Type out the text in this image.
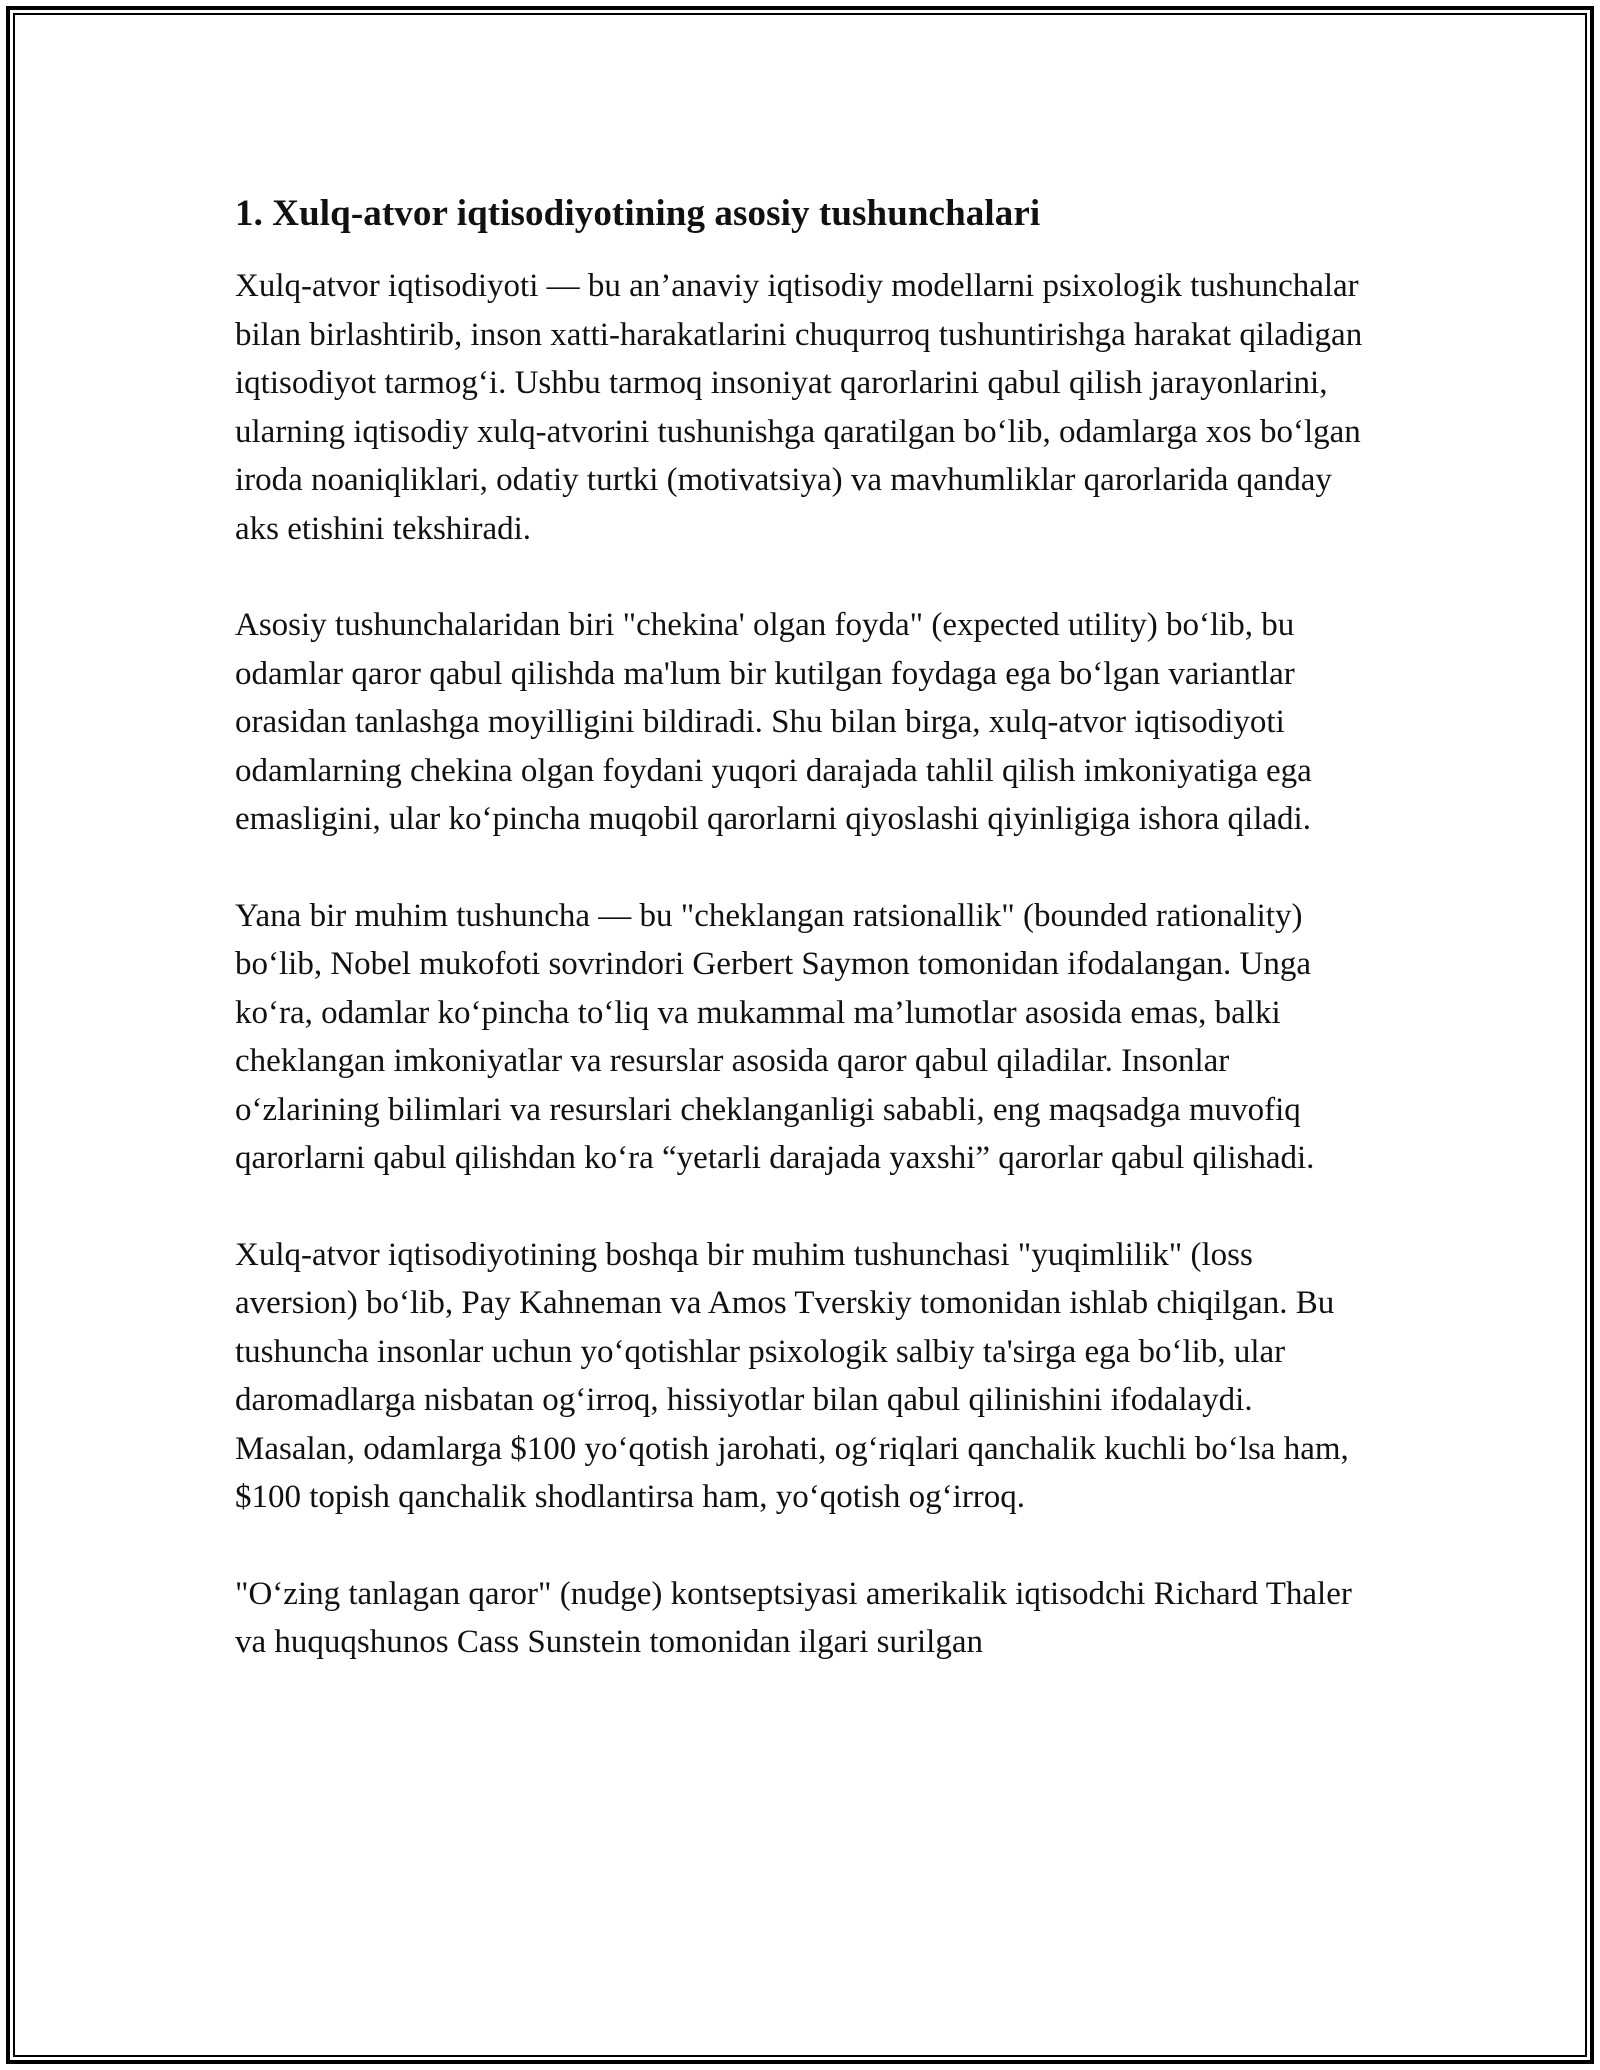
1. Xulq-atvor iqtisodiyotining asosiy tushunchalari

Xulq-atvor iqtisodiyoti — bu an’anaviy iqtisodiy modellarni psixologik tushunchalar bilan birlashtirib, inson xatti-harakatlarini chuqurroq tushuntirishga harakat qiladigan iqtisodiyot tarmog‘i. Ushbu tarmoq insoniyat qarorlarini qabul qilish jarayonlarini, ularning iqtisodiy xulq-atvorini tushunishga qaratilgan bo‘lib, odamlarga xos bo‘lgan iroda noaniqliklari, odatiy turtki (motivatsiya) va mavhumliklar qarorlarida qanday aks etishini tekshiradi.

Asosiy tushunchalaridan biri "chekina' olgan foyda" (expected utility) bo‘lib, bu odamlar qaror qabul qilishda ma'lum bir kutilgan foydaga ega bo‘lgan variantlar orasidan tanlashga moyilligini bildiradi. Shu bilan birga, xulq-atvor iqtisodiyoti odamlarning chekina olgan foydani yuqori darajada tahlil qilish imkoniyatiga ega emasligini, ular ko‘pincha muqobil qarorlarni qiyoslashi qiyinligiga ishora qiladi.

Yana bir muhim tushuncha — bu "cheklangan ratsionallik" (bounded rationality) bo‘lib, Nobel mukofoti sovrindori Gerbert Saymon tomonidan ifodalangan. Unga ko‘ra, odamlar ko‘pincha to‘liq va mukammal ma’lumotlar asosida emas, balki cheklangan imkoniyatlar va resurslar asosida qaror qabul qiladilar. Insonlar o‘zlarining bilimlari va resurslari cheklanganligi sababli, eng maqsadga muvofiq qarorlarni qabul qilishdan ko‘ra “yetarli darajada yaxshi” qarorlar qabul qilishadi.

Xulq-atvor iqtisodiyotining boshqa bir muhim tushunchasi "yuqimlilik" (loss aversion) bo‘lib, Pay Kahneman va Amos Tverskiy tomonidan ishlab chiqilgan. Bu tushuncha insonlar uchun yo‘qotishlar psixologik salbiy ta'sirga ega bo‘lib, ular daromadlarga nisbatan og‘irroq, hissiyotlar bilan qabul qilinishini ifodalaydi. Masalan, odamlarga $100 yo‘qotish jarohati, og‘riqlari qanchalik kuchli bo‘lsa ham, $100 topish qanchalik shodlantirsa ham, yo‘qotish og‘irroq.

"O‘zing tanlagan qaror" (nudge) kontseptsiyasi amerikalik iqtisodchi Richard Thaler va huquqshunos Cass Sunstein tomonidan ilgari surilgan
